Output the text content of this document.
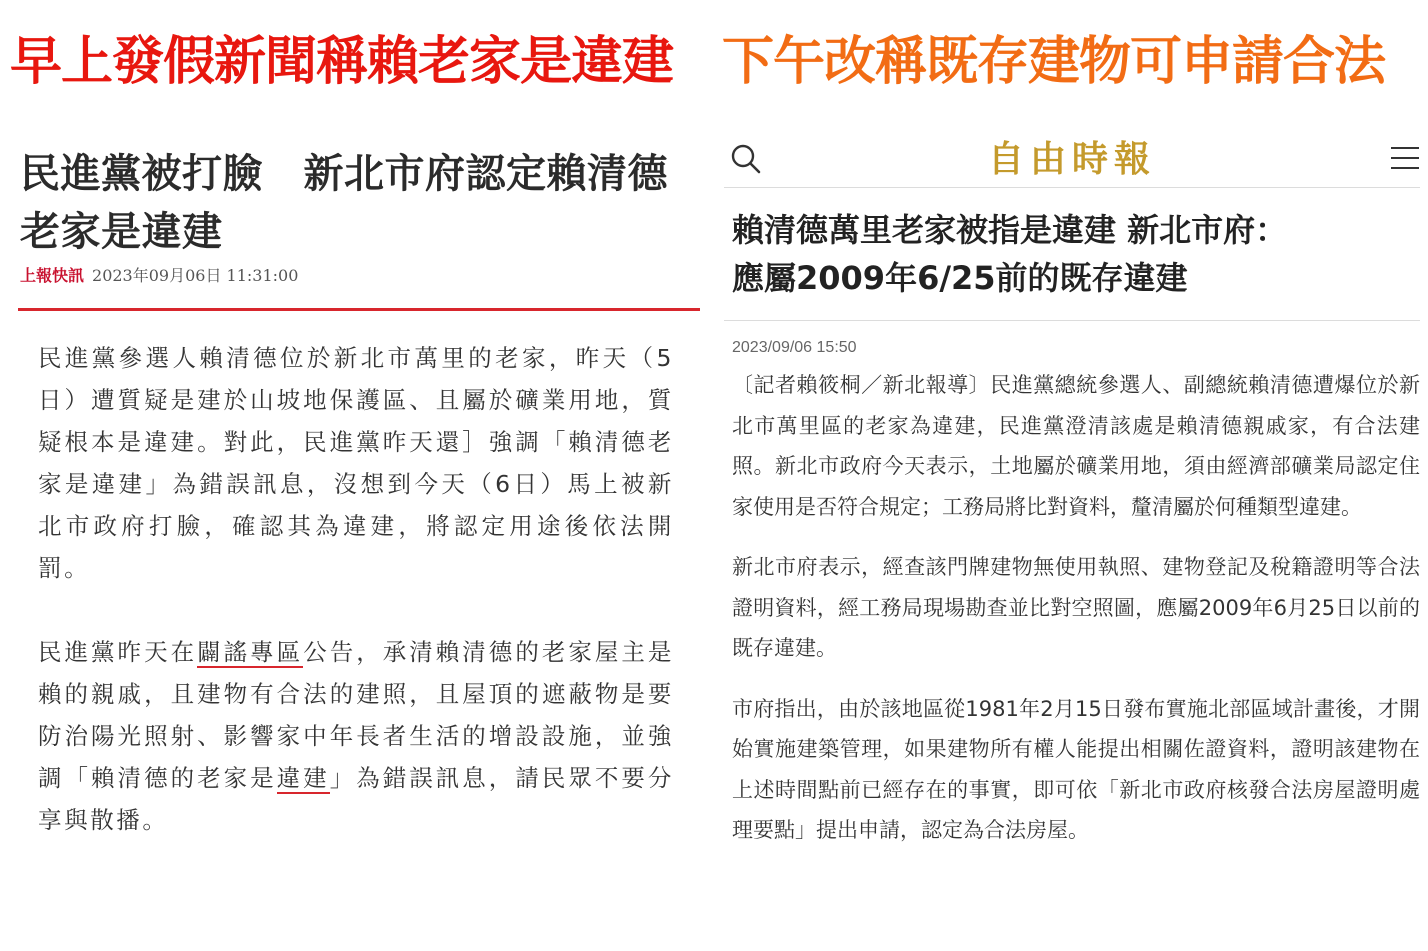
早上發假新聞稱賴老家是違建 下午改稱既存建物可申請合法
民進黨被打臉　新北市府認定賴清德
老家是違建
上報快訊 2023年09月06日 11:31:00

民進黨參選人賴清德位於新北市萬里的老家，昨天（5日）遭質疑是建於山坡地保護區、且屬於礦業用地，質疑根本是違建。對此，民進黨昨天還］強調「賴清德老家是違建」為錯誤訊息，沒想到今天（6日）馬上被新北市政府打臉，確認其為違建，將認定用途後依法開罰。

民進黨昨天在闢謠專區公告，承清賴清德的老家屋主是賴的親戚，且建物有合法的建照，且屋頂的遮蔽物是要防治陽光照射、影響家中年長者生活的增設設施，並強調「賴清德的老家是違建」為錯誤訊息，請民眾不要分享與散播。

自由時報
賴清德萬里老家被指是違建 新北市府：
應屬2009年6/25前的既存違建
2023/09/06 15:50

〔記者賴筱桐／新北報導〕民進黨總統參選人、副總統賴清德遭爆位於新北市萬里區的老家為違建，民進黨澄清該處是賴清德親戚家，有合法建照。新北市政府今天表示，土地屬於礦業用地，須由經濟部礦業局認定住家使用是否符合規定；工務局將比對資料，釐清屬於何種類型違建。

新北市府表示，經查該門牌建物無使用執照、建物登記及稅籍證明等合法證明資料，經工務局現場勘查並比對空照圖，應屬2009年6月25日以前的既存違建。

市府指出，由於該地區從1981年2月15日發布實施北部區域計畫後，才開始實施建築管理，如果建物所有權人能提出相關佐證資料，證明該建物在上述時間點前已經存在的事實，即可依「新北市政府核發合法房屋證明處理要點」提出申請，認定為合法房屋。
